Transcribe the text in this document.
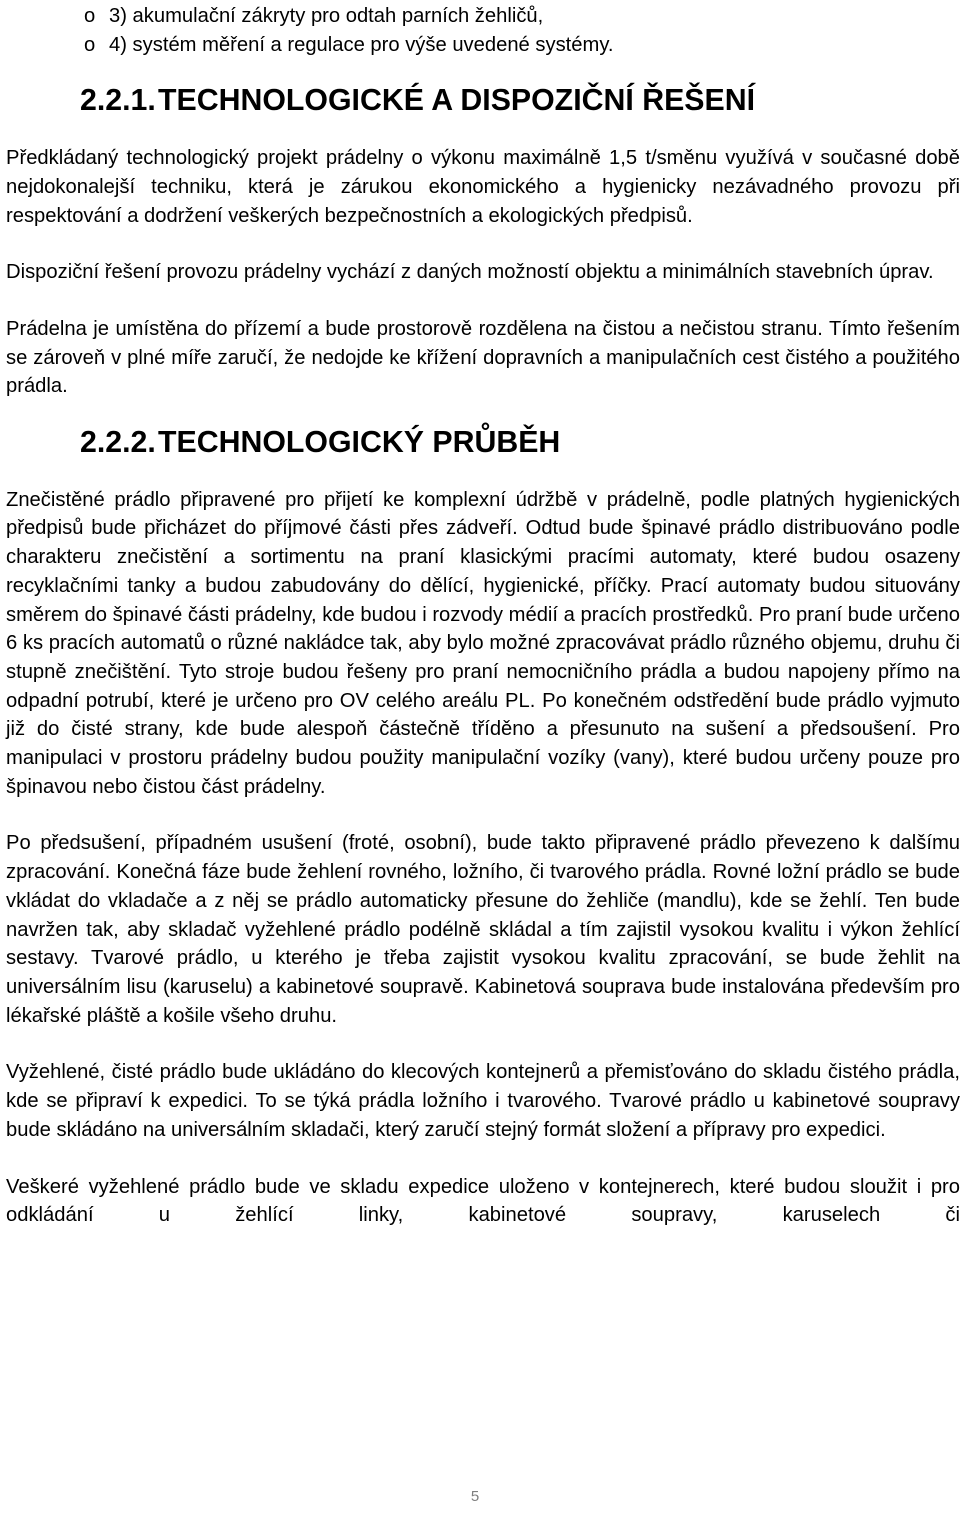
o 3) akumulační zákryty pro odtah parních žehličů,
o 4) systém měření a regulace pro výše uvedené systémy.
2.2.1.TECHNOLOGICKÉ A DISPOZIČNÍ ŘEŠENÍ

Předkládaný technologický projekt prádelny o výkonu maximálně 1,5 t/směnu využívá v současné době nejdokonalejší techniku, která je zárukou ekonomického a hygienicky nezávadného provozu při respektování a dodržení veškerých bezpečnostních a ekologických předpisů.

Dispoziční řešení provozu prádelny vychází z daných možností objektu a minimálních stavebních úprav.

Prádelna je umístěna do přízemí a bude prostorově rozdělena na čistou a nečistou stranu. Tímto řešením se zároveň v plné míře zaručí, že nedojde ke křížení dopravních a manipulačních cest čistého a použitého prádla.

2.2.2.TECHNOLOGICKÝ PRŮBĚH

Znečistěné prádlo připravené pro přijetí ke komplexní údržbě v prádelně, podle platných hygienických předpisů bude přicházet do příjmové části přes zádveří. Odtud bude špinavé prádlo distribuováno podle charakteru znečistění a sortimentu na praní klasickými pracími automaty, které budou osazeny recyklačními tanky a budou zabudovány do dělící, hygienické, příčky. Prací automaty budou situovány směrem do špinavé části prádelny, kde budou i rozvody médií a pracích prostředků. Pro praní bude určeno 6 ks pracích automatů o různé nakládce tak, aby bylo možné zpracovávat prádlo různého objemu, druhu či stupně znečištění. Tyto stroje budou řešeny pro praní nemocničního prádla a budou napojeny přímo na odpadní potrubí, které je určeno pro OV celého areálu PL. Po konečném odstředění bude prádlo vyjmuto již do čisté strany, kde bude alespoň částečně tříděno a přesunuto na sušení a předsoušení. Pro manipulaci v prostoru prádelny budou použity manipulační vozíky (vany), které budou určeny pouze pro špinavou nebo čistou část prádelny.

Po předsušení, případném usušení (froté, osobní), bude takto připravené prádlo převezeno k dalšímu zpracování. Konečná fáze bude žehlení rovného, ložního, či tvarového prádla. Rovné ložní prádlo se bude vkládat do vkladače a z něj se prádlo automaticky přesune do žehliče (mandlu), kde se žehlí. Ten bude navržen tak, aby skladač vyžehlené prádlo podélně skládal a tím zajistil vysokou kvalitu i výkon žehlící sestavy. Tvarové prádlo, u kterého je třeba zajistit vysokou kvalitu zpracování, se bude žehlit na universálním lisu (karuselu) a kabinetové soupravě. Kabinetová souprava bude instalována především pro lékařské pláště a košile všeho druhu.

Vyžehlené, čisté prádlo bude ukládáno do klecových kontejnerů a přemisťováno do skladu čistého prádla, kde se připraví k expedici. To se týká prádla ložního i tvarového. Tvarové prádlo u kabinetové soupravy bude skládáno na universálním skladači, který zaručí stejný formát složení a přípravy pro expedici.

Veškeré vyžehlené prádlo bude ve skladu expedice uloženo v kontejnerech, které budou sloužit i pro odkládání u žehlící linky, kabinetové soupravy, karuselech či

5
